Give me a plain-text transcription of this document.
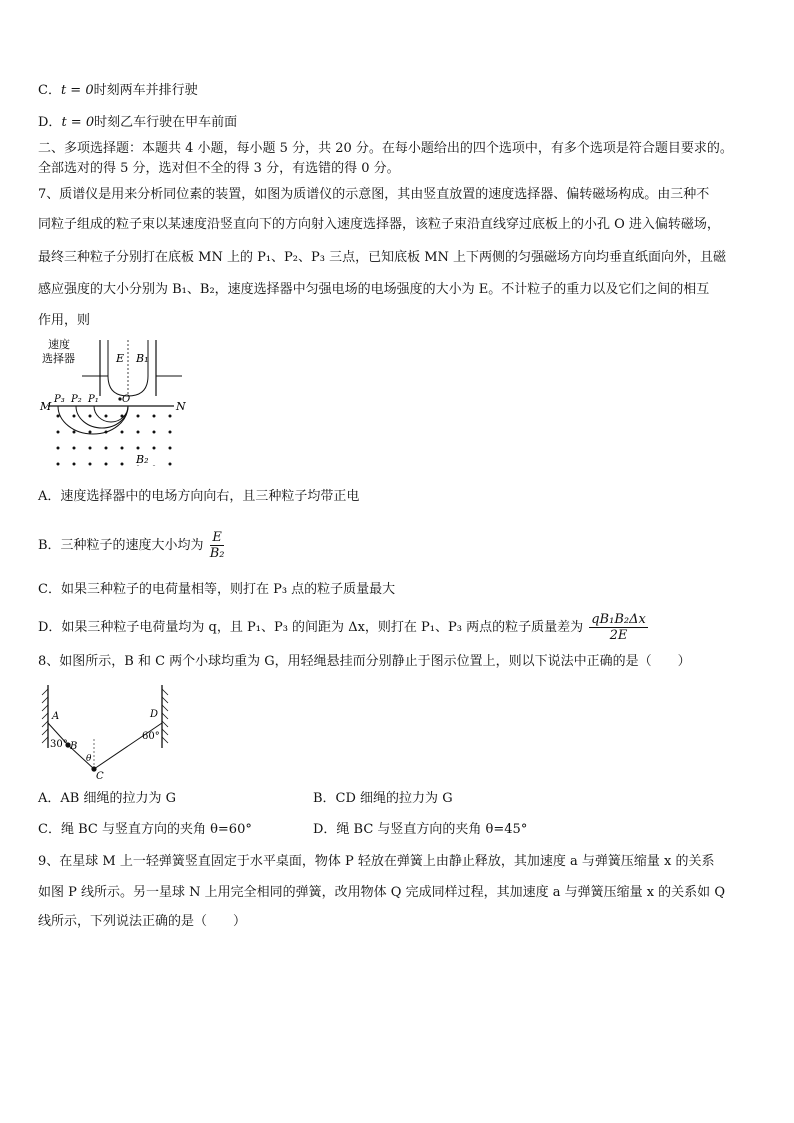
C．t = 0时刻两车并排行驶
D．t = 0时刻乙车行驶在甲车前面
二、多项选择题：本题共 4 小题，每小题 5 分，共 20 分。在每小题给出的四个选项中，有多个选项是符合题目要求的。
全部选对的得 5 分，选对但不全的得 3 分，有选错的得 0 分。
7、质谱仪是用来分析同位素的装置，如图为质谱仪的示意图，其由竖直放置的速度选择器、偏转磁场构成。由三种不
同粒子组成的粒子束以某速度沿竖直向下的方向射入速度选择器，该粒子束沿直线穿过底板上的小孔 O 进入偏转磁场，
最终三种粒子分别打在底板 MN 上的 P₁、P₂、P₃ 三点，已知底板 MN 上下两侧的匀强磁场方向均垂直纸面向外，且磁
感应强度的大小分别为 B₁、B₂，速度选择器中匀强电场的电场强度的大小为 E。不计粒子的重力以及它们之间的相互
作用，则
速度
选择器	E B₁
M	N
P₃ P₂ P₁ O
B₂
A．速度选择器中的电场方向向右，且三种粒子均带正电
B．三种粒子的速度大小均为 $\frac{E}{\text{B₂}}$
C．如果三种粒子的电荷量相等，则打在 P₃ 点的粒子质量最大
D．如果三种粒子电荷量均为 q，且 P₁、P₃ 的间距为 Δx，则打在 P₁、P₃ 两点的粒子质量差为 $\frac{\text{qB₁B₂Δx}}{2E}$
8、如图所示，B 和 C 两个小球均重为 G，用轻绳悬挂而分别静止于图示位置上，则以下说法中正确的是（　　）
A
B
C
D
30°
60°
θ
A．AB 细绳的拉力为 G	B．CD 细绳的拉力为 G
C．绳 BC 与竖直方向的夹角 θ=60°	D．绳 BC 与竖直方向的夹角 θ=45°
9、在星球 M 上一轻弹簧竖直固定于水平桌面，物体 P 轻放在弹簧上由静止释放，其加速度 a 与弹簧压缩量 x 的关系
如图 P 线所示。另一星球 N 上用完全相同的弹簧，改用物体 Q 完成同样过程，其加速度 a 与弹簧压缩量 x 的关系如 Q
线所示，下列说法正确的是（　　）
